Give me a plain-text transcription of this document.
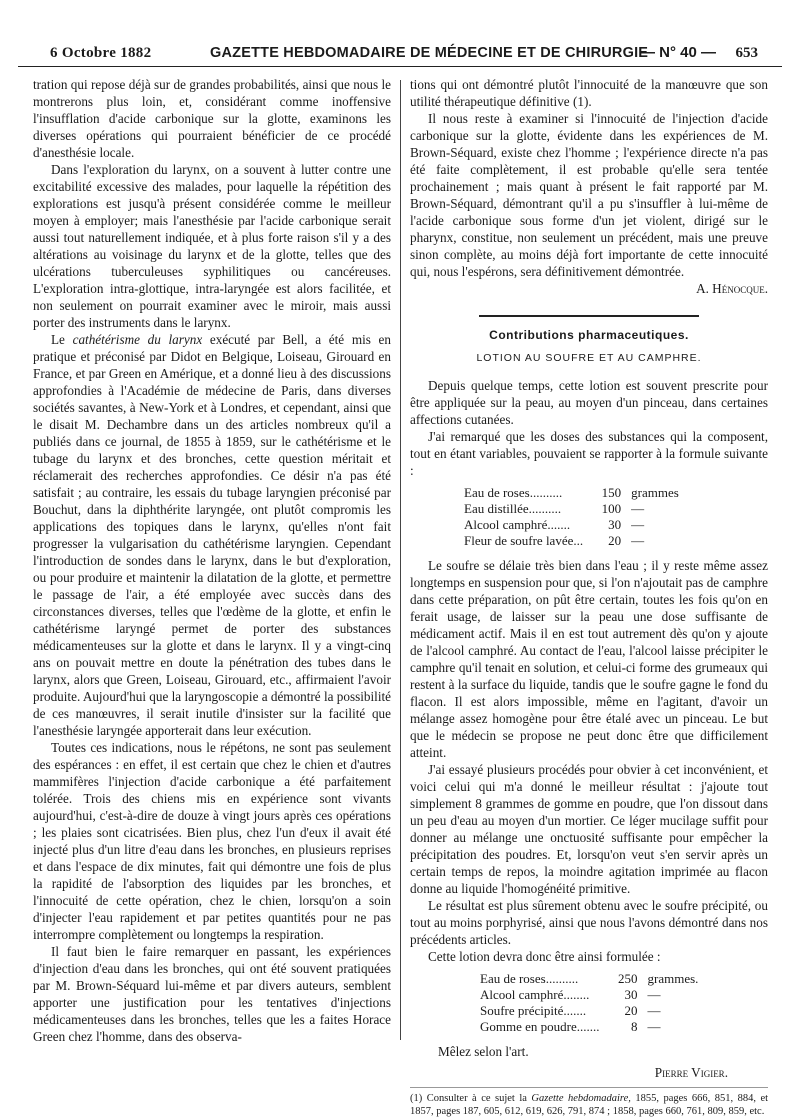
6 Octobre 1882	GAZETTE HEBDOMADAIRE DE MÉDECINE ET DE CHIRURGIE
— N° 40 — 653

tration qui repose déjà sur de grandes probabilités, ainsi que nous le montrerons plus loin, et, considérant comme inoffensive l'insufflation d'acide carbonique sur la glotte, examinons les diverses opérations qui pourraient bénéficier de ce procédé d'anesthésie locale.

Dans l'exploration du larynx, on a souvent à lutter contre une excitabilité excessive des malades, pour laquelle la répétition des explorations est jusqu'à présent considérée comme le meilleur moyen à employer; mais l'anesthésie par l'acide carbonique serait aussi tout naturellement indiquée, et à plus forte raison s'il y a des altérations au voisinage du larynx et de la glotte, telles que des ulcérations tuberculeuses syphilitiques ou cancéreuses. L'exploration intra-glottique, intra-laryngée est alors facilitée, et non seulement on pourrait examiner avec le miroir, mais aussi porter des instruments dans le larynx.

Le cathétérisme du larynx exécuté par Bell, a été mis en pratique et préconisé par Didot en Belgique, Loiseau, Girouard en France, et par Green en Amérique, et a donné lieu à des discussions approfondies à l'Académie de médecine de Paris, dans diverses sociétés savantes, à New-York et à Londres, et cependant, ainsi que le disait M. Dechambre dans un des articles nombreux qu'il a publiés dans ce journal, de 1855 à 1859, sur le cathétérisme et le tubage du larynx et des bronches, cette question méritait et réclamerait des recherches approfondies. Ce désir n'a pas été satisfait ; au contraire, les essais du tubage laryngien préconisé par Bouchut, dans la diphthérite laryngée, ont plutôt compromis les applications des topiques dans le larynx, qu'elles n'ont fait progresser la vulgarisation du cathétérisme laryngien. Cependant l'introduction de sondes dans le larynx, dans le but d'exploration, ou pour produire et maintenir la dilatation de la glotte, et permettre le passage de l'air, a été employée avec succès dans des circonstances diverses, telles que l'œdème de la glotte, et enfin le cathétérisme laryngé permet de porter des substances médicamenteuses sur la glotte et dans le larynx. Il y a vingt-cinq ans on pouvait mettre en doute la pénétration des tubes dans le larynx, alors que Green, Loiseau, Girouard, etc., affirmaient l'avoir produite. Aujourd'hui que la laryngoscopie a démontré la possibilité de ces manœuvres, il serait inutile d'insister sur la facilité que l'anesthésie laryngée apporterait dans leur exécution.

Toutes ces indications, nous le répétons, ne sont pas seulement des espérances : en effet, il est certain que chez le chien et d'autres mammifères l'injection d'acide carbonique a été parfaitement tolérée. Trois des chiens mis en expérience sont vivants aujourd'hui, c'est-à-dire de douze à vingt jours après ces opérations ; les plaies sont cicatrisées. Bien plus, chez l'un d'eux il avait été injecté plus d'un litre d'eau dans les bronches, en plusieurs reprises et dans l'espace de dix minutes, fait qui démontre une fois de plus la rapidité de l'absorption des liquides par les bronches, et l'innocuité de cette opération, chez le chien, lorsqu'on a soin d'injecter l'eau rapidement et par petites quantités pour ne pas interrompre complètement ou longtemps la respiration.

Il faut bien le faire remarquer en passant, les expériences d'injection d'eau dans les bronches, qui ont été souvent pratiquées par M. Brown-Séquard lui-même et par divers auteurs, semblent apporter une justification pour les tentatives d'injections médicamenteuses dans les bronches, telles que les a faites Horace Green chez l'homme, dans des observa-

tions qui ont démontré plutôt l'innocuité de la manœuvre que son utilité thérapeutique définitive (1).

Il nous reste à examiner si l'innocuité de l'injection d'acide carbonique sur la glotte, évidente dans les expériences de M. Brown-Séquard, existe chez l'homme ; l'expérience directe n'a pas été faite complètement, il est probable qu'elle sera tentée prochainement ; mais quant à présent le fait rapporté par M. Brown-Séquard, démontrant qu'il a pu s'insuffler à lui-même de l'acide carbonique sous forme d'un jet violent, dirigé sur le pharynx, constitue, non seulement un précédent, mais une preuve sinon complète, au moins déjà fort importante de cette innocuité qui, nous l'espérons, sera définitivement démontrée.

A. Hénocque.
Contributions pharmaceutiques.
LOTION AU SOUFRE ET AU CAMPHRE.

Depuis quelque temps, cette lotion est souvent prescrite pour être appliquée sur la peau, au moyen d'un pinceau, dans certaines affections cutanées.

J'ai remarqué que les doses des substances qui la composent, tout en étant variables, pouvaient se rapporter à la formule suivante :

Eau de roses..........	150	grammes
Eau distillée..........	100	—
Alcool camphré.......	30	—
Fleur de soufre lavée...	20	—

Le soufre se délaie très bien dans l'eau ; il y reste même assez longtemps en suspension pour que, si l'on n'ajoutait pas de camphre dans cette préparation, on pût être certain, toutes les fois qu'on en ferait usage, de laisser sur la peau une dose suffisante de médicament actif. Mais il en est tout autrement dès qu'on y ajoute de l'alcool camphré. Au contact de l'eau, l'alcool laisse précipiter le camphre qu'il tenait en solution, et celui-ci forme des grumeaux qui restent à la surface du liquide, tandis que le soufre gagne le fond du flacon. Il est alors impossible, même en l'agitant, d'avoir un mélange assez homogène pour être étalé avec un pinceau. Le but que le médecin se propose ne peut donc être que difficilement atteint.

J'ai essayé plusieurs procédés pour obvier à cet inconvénient, et voici celui qui m'a donné le meilleur résultat : j'ajoute tout simplement 8 grammes de gomme en poudre, que l'on dissout dans un peu d'eau au moyen d'un mortier. Ce léger mucilage suffit pour donner au mélange une onctuosité suffisante pour empêcher la précipitation des poudres. Et, lorsqu'on veut s'en servir après un certain temps de repos, la moindre agitation imprimée au flacon donne au liquide l'homogénéité primitive.

Le résultat est plus sûrement obtenu avec le soufre précipité, ou tout au moins porphyrisé, ainsi que nous l'avons démontré dans nos précédents articles.

Cette lotion devra donc être ainsi formulée :

Eau de roses..........	250	grammes.
Alcool camphré........	30	—
Soufre précipité.......	20	—
Gomme en poudre.......	8	—
Mêlez selon l'art.
Pierre Vigier.
(1) Consulter à ce sujet la Gazette hebdomadaire, 1855, pages 666, 851, 884, et 1857, pages 187, 605, 612, 619, 626, 791, 874 ; 1858, pages 660, 761, 809, 859, etc.
